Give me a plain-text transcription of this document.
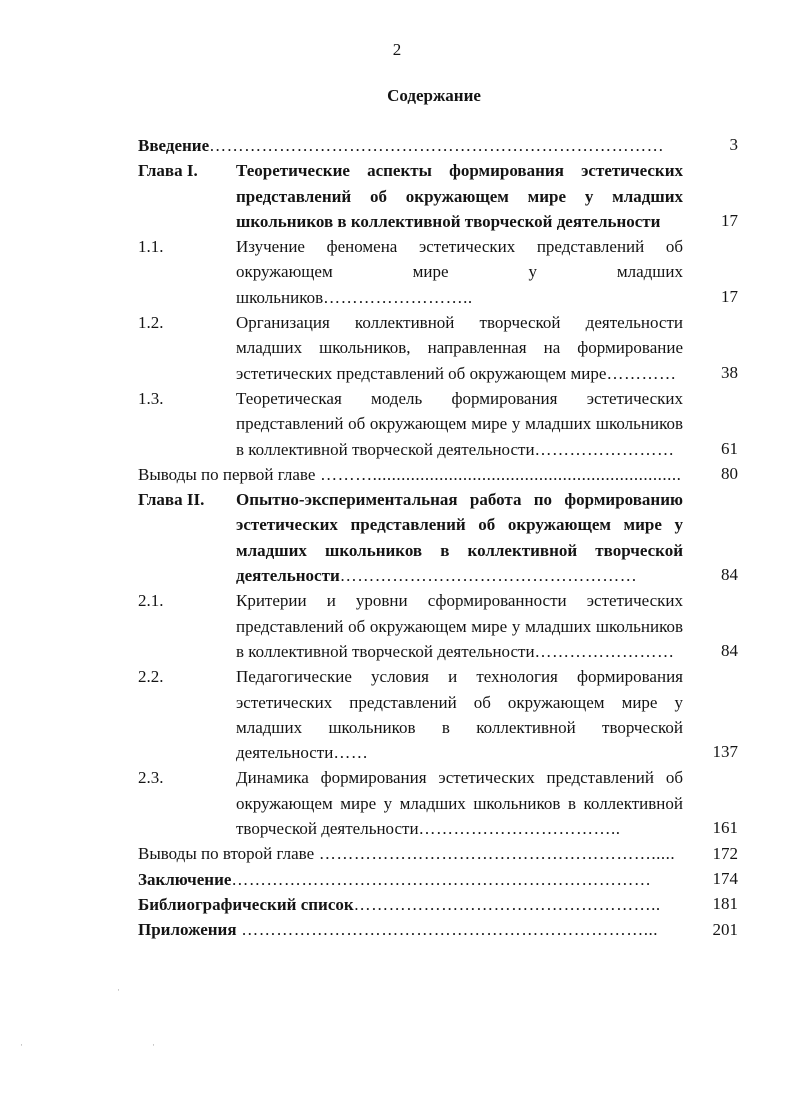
2
Содержание
Введение……………………………………………………………………	3
Глава I. Теоретические аспекты формирования эстетических представлений об окружающем мире у младших школьников в коллективной творческой деятельности	17
1.1.	Изучение феномена эстетических представлений об окружающем мире у младших школьников……………………..	17
1.2.	Организация коллективной творческой деятельности младших школьников, направленная на формирование эстетических представлений об окружающем мире…………	38
1.3.	Теоретическая модель формирования эстетических представлений об окружающем мире у младших школьников в коллективной творческой деятельности……………………	61
Выводы по первой главе ……….................................................................	80
Глава II. Опытно-экспериментальная работа по формированию эстетических представлений об окружающем мире у младших школьников в коллективной творческой деятельности……………………………………………	84
2.1.	Критерии и уровни сформированности эстетических представлений об окружающем мире у младших школьников в коллективной творческой деятельности……………………	84
2.2.	Педагогические условия и технология формирования эстетических представлений об окружающем мире у младших школьников в коллективной творческой деятельности……	137
2.3.	Динамика формирования эстетических представлений об окружающем мире у младших школьников в коллективной творческой деятельности……………………………..	161
Выводы по второй главе ………………………………………………….....	172
Заключение………………………………………………………………	174
Библиографический список……………………………………………..	181
Приложения ……………………………………………………………...	201
·
·
·
